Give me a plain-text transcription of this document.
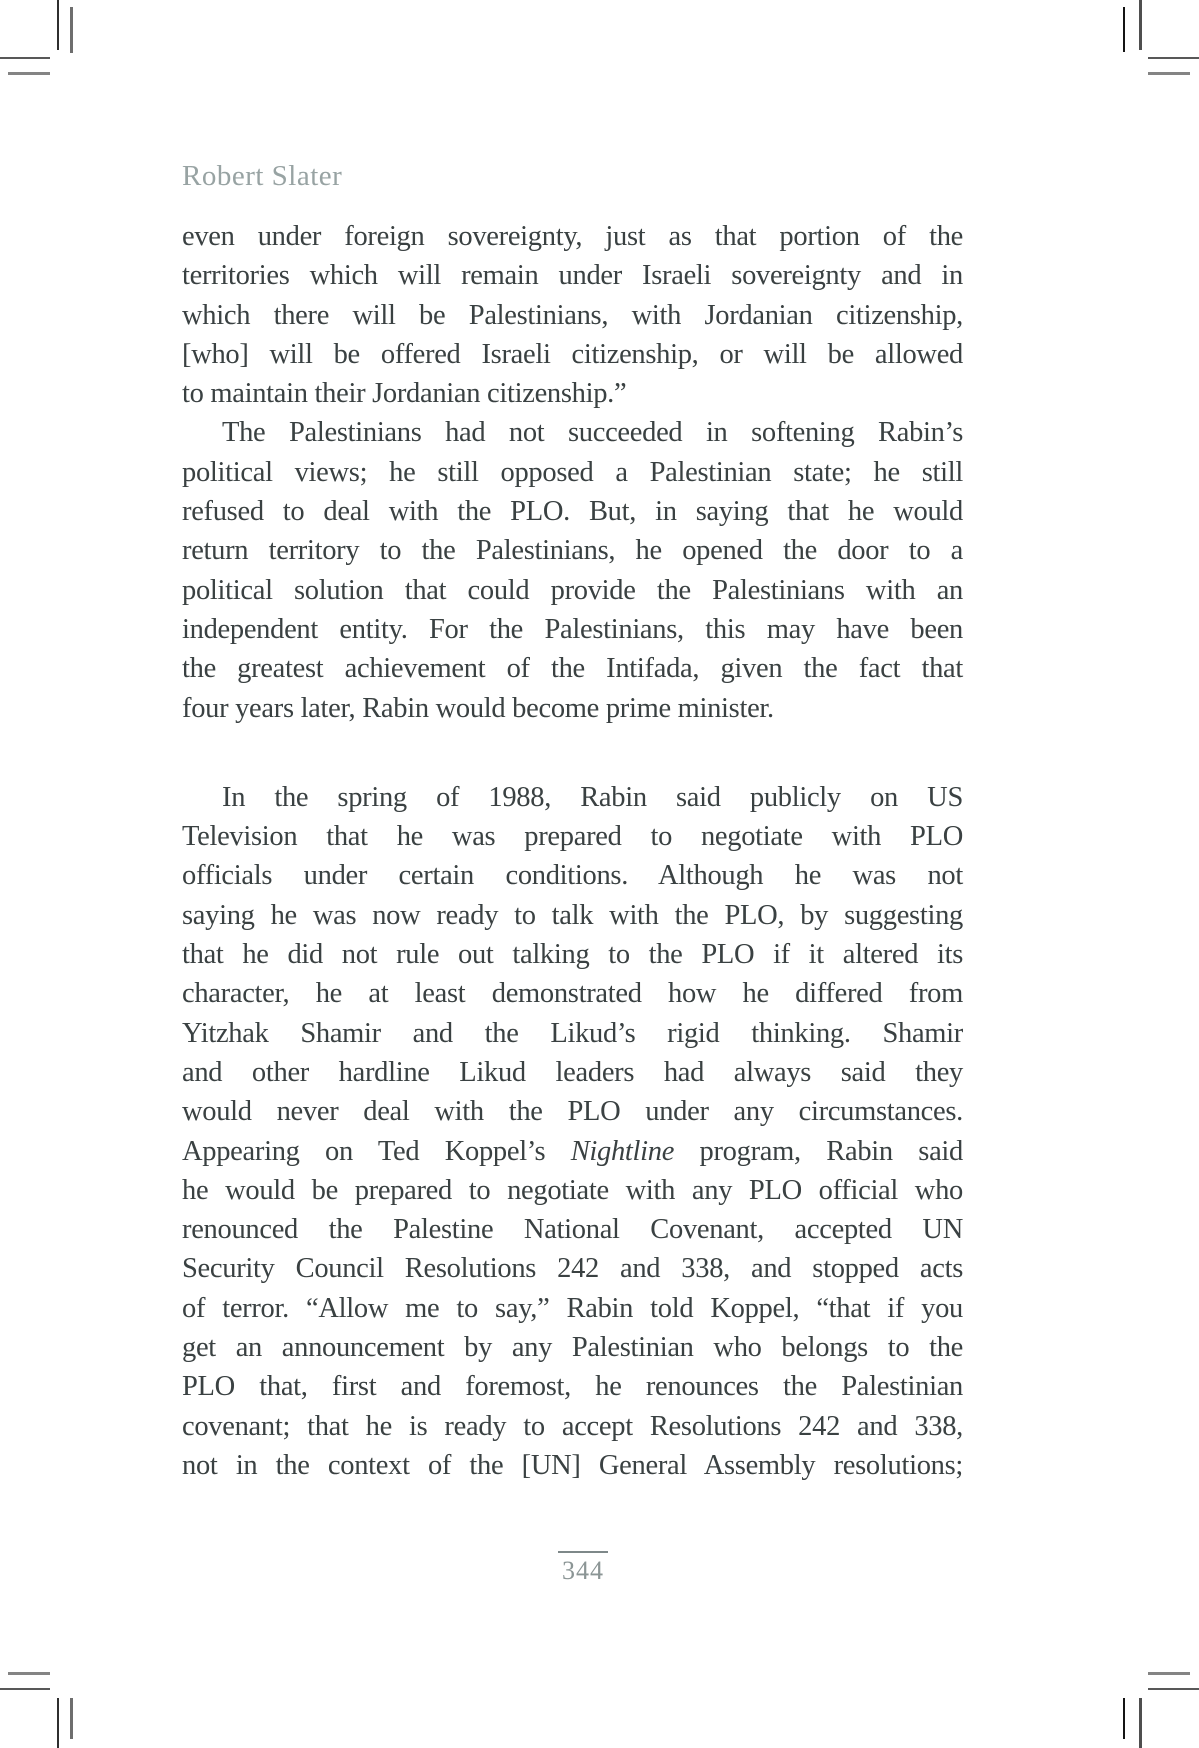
Robert Slater
even under foreign sovereignty, just as that portion of the
territories which will remain under Israeli sovereignty and in
which there will be Palestinians, with Jordanian citizenship,
[who] will be offered Israeli citizenship, or will be allowed
to maintain their Jordanian citizenship.”
The Palestinians had not succeeded in softening Rabin’s
political views; he still opposed a Palestinian state; he still
refused to deal with the PLO. But, in saying that he would
return territory to the Palestinians, he opened the door to a
political solution that could provide the Palestinians with an
independent entity. For the Palestinians, this may have been
the greatest achievement of the Intifada, given the fact that
four years later, Rabin would become prime minister.
In the spring of 1988, Rabin said publicly on US
Television that he was prepared to negotiate with PLO
officials under certain conditions. Although he was not
saying he was now ready to talk with the PLO, by suggesting
that he did not rule out talking to the PLO if it altered its
character, he at least demonstrated how he differed from
Yitzhak Shamir and the Likud’s rigid thinking. Shamir
and other hardline Likud leaders had always said they
would never deal with the PLO under any circumstances.
Appearing on Ted Koppel’s Nightline program, Rabin said
he would be prepared to negotiate with any PLO official who
renounced the Palestine National Covenant, accepted UN
Security Council Resolutions 242 and 338, and stopped acts
of terror. “Allow me to say,” Rabin told Koppel, “that if you
get an announcement by any Palestinian who belongs to the
PLO that, first and foremost, he renounces the Palestinian
covenant; that he is ready to accept Resolutions 242 and 338,
not in the context of the [UN] General Assembly resolutions;
344
